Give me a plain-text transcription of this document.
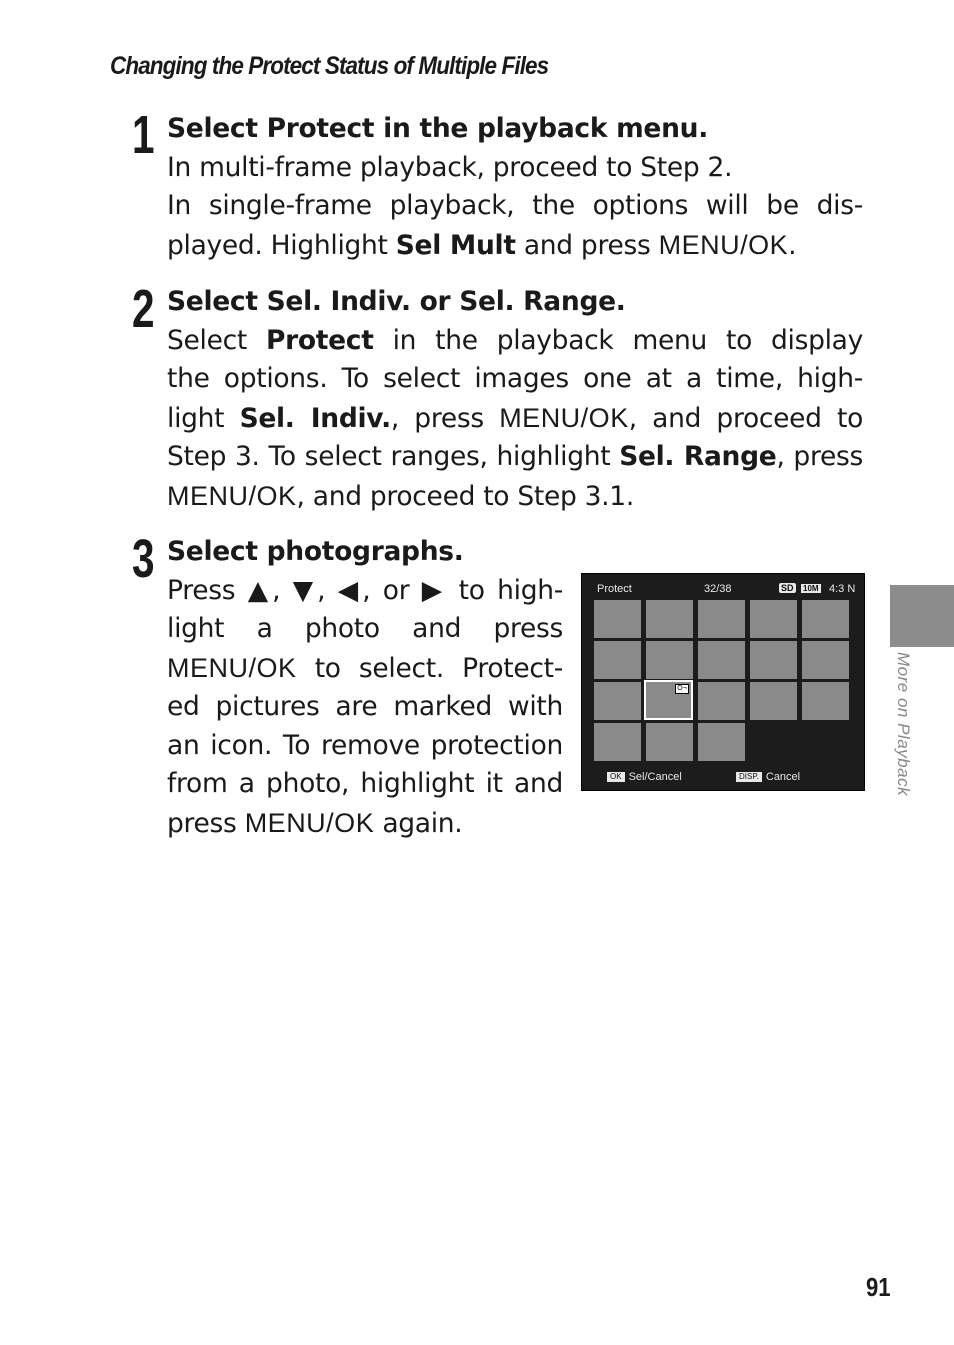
Changing the Protect Status of Multiple Files
1 Select Protect in the playback menu.

In multi-frame playback, proceed to Step 2.

In single-frame playback, the options will be dis-

played. Highlight Sel Mult and press MENU/OK.

2 Select Sel. Indiv. or Sel. Range.

Select Protect in the playback menu to display

the options. To select images one at a time, high-

light Sel. Indiv., press MENU/OK, and proceed to

Step 3. To select ranges, highlight Sel. Range, press

MENU/OK, and proceed to Step 3.1.

3 Select photographs.

Press ▲, ▼, ◀, or ▶ to high-

light a photo and press

MENU/OK to select. Protect-

ed pictures are marked with

an icon. To remove protection

from a photo, highlight it and

press MENU/OK again.

Protect	32/38	SD 10M 4:3 N
O¬
OK Sel/Cancel	DISP. Cancel	More on Playback
91
